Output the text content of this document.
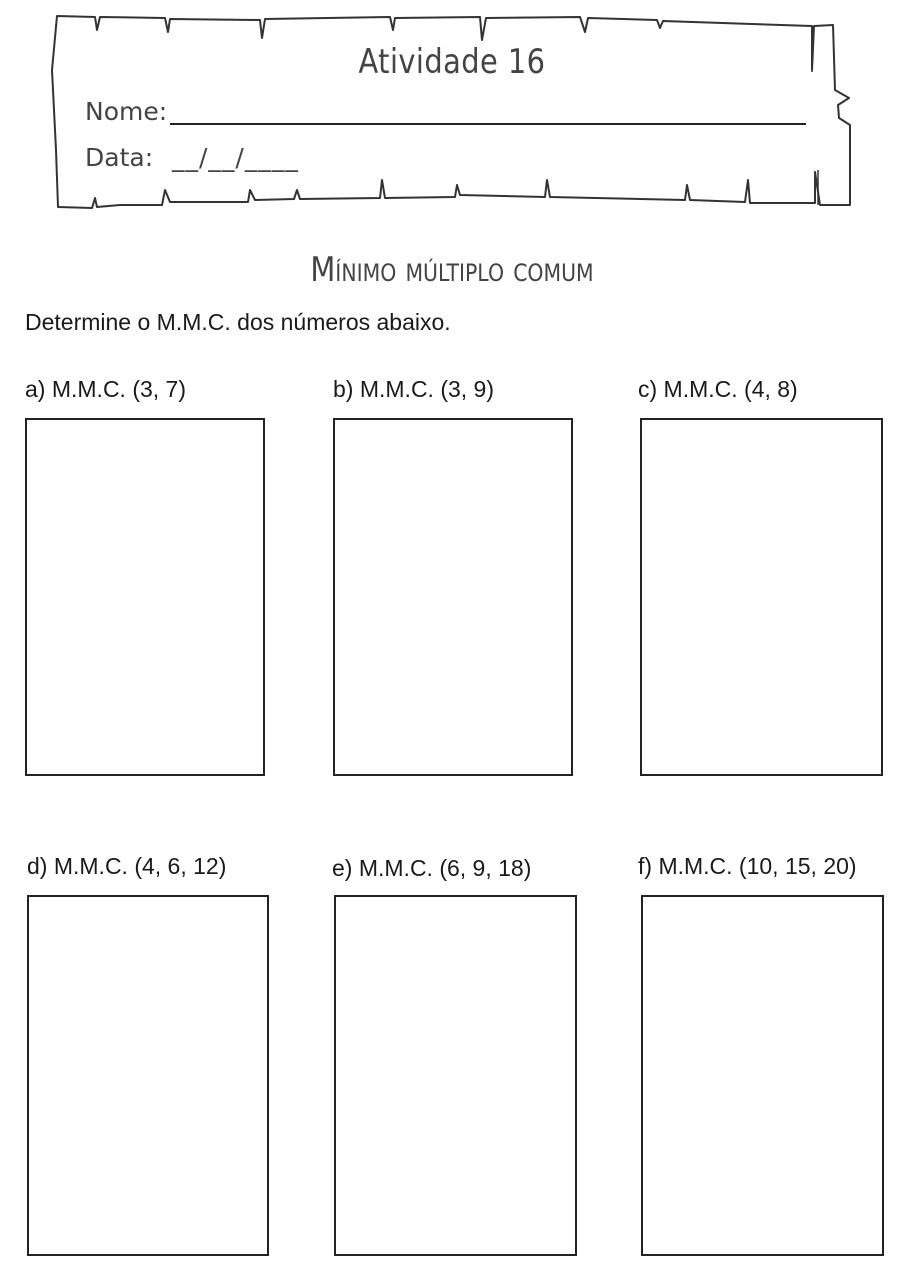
Atividade 16
Nome:
Data: __/__/____
Mínimo múltiplo comum
Determine o M.M.C. dos números abaixo.
a) M.M.C. (3, 7)	b) M.M.C. (3, 9)	c) M.M.C. (4, 8)
d) M.M.C. (4, 6, 12)	e) M.M.C. (6, 9, 18)	f) M.M.C. (10, 15, 20)
